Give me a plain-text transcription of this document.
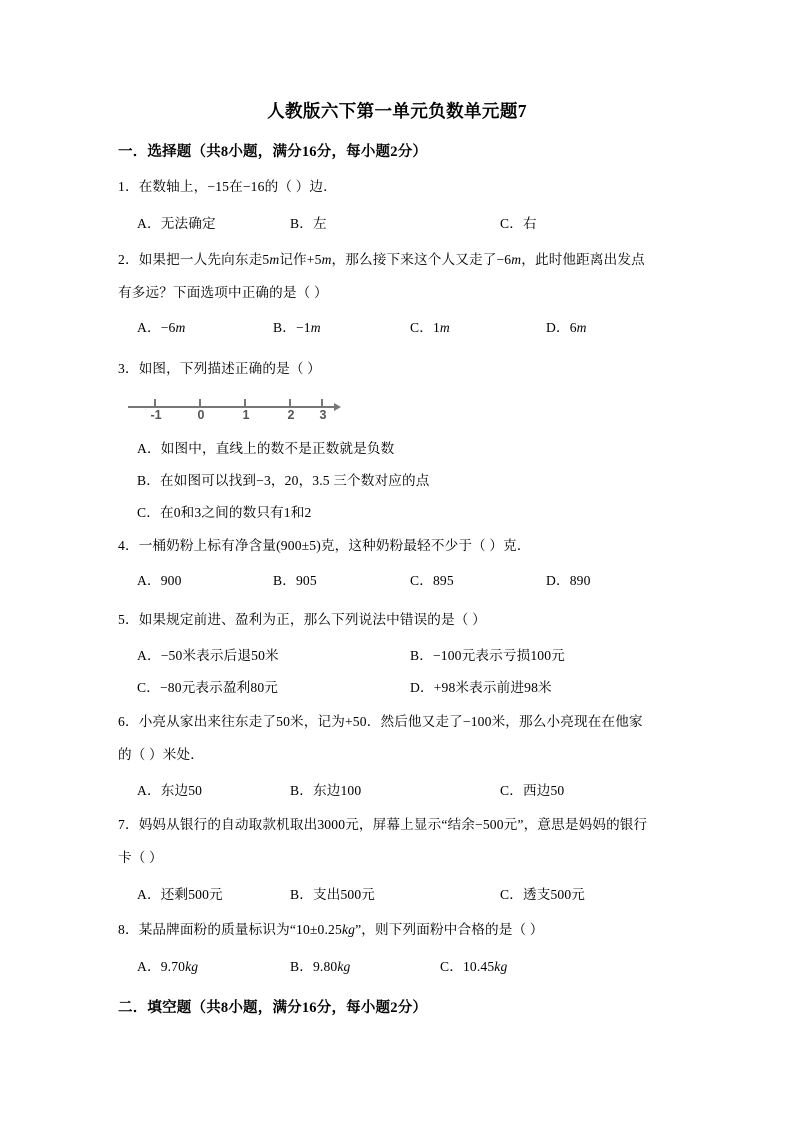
人教版六下第一单元负数单元题7
一．选择题（共8小题，满分16分，每小题2分）
1．在数轴上，−15在−16的（ ）边．
A．无法确定	B．左	C．右
2．如果把一人先向东走5m记作+5m，那么接下来这个人又走了−6m，此时他距离出发点
有多远？下面选项中正确的是（ ）
A．−6m	B．−1m	C．1m	D．6m
3．如图，下列描述正确的是（ ）
-1	0	1	2	3
A．如图中，直线上的数不是正数就是负数
B．在如图可以找到−3，20，3.5 三个数对应的点
C．在0和3之间的数只有1和2
4．一桶奶粉上标有净含量(900±5)克，这种奶粉最轻不少于（ ）克．
A．900	B．905	C．895	D．890
5．如果规定前进、盈利为正，那么下列说法中错误的是（ ）
A．−50米表示后退50米	B．−100元表示亏损100元
C．−80元表示盈利80元	D．+98米表示前进98米
6．小亮从家出来往东走了50米，记为+50．然后他又走了−100米，那么小亮现在在他家
的（ ）米处．
A．东边50	B．东边100	C．西边50
7．妈妈从银行的自动取款机取出3000元，屏幕上显示“结余−500元”，意思是妈妈的银行
卡（ ）
A．还剩500元	B．支出500元	C．透支500元
8．某品牌面粉的质量标识为“10±0.25kg”，则下列面粉中合格的是（ ）
A．9.70kg	B．9.80kg	C．10.45kg
二．填空题（共8小题，满分16分，每小题2分）
